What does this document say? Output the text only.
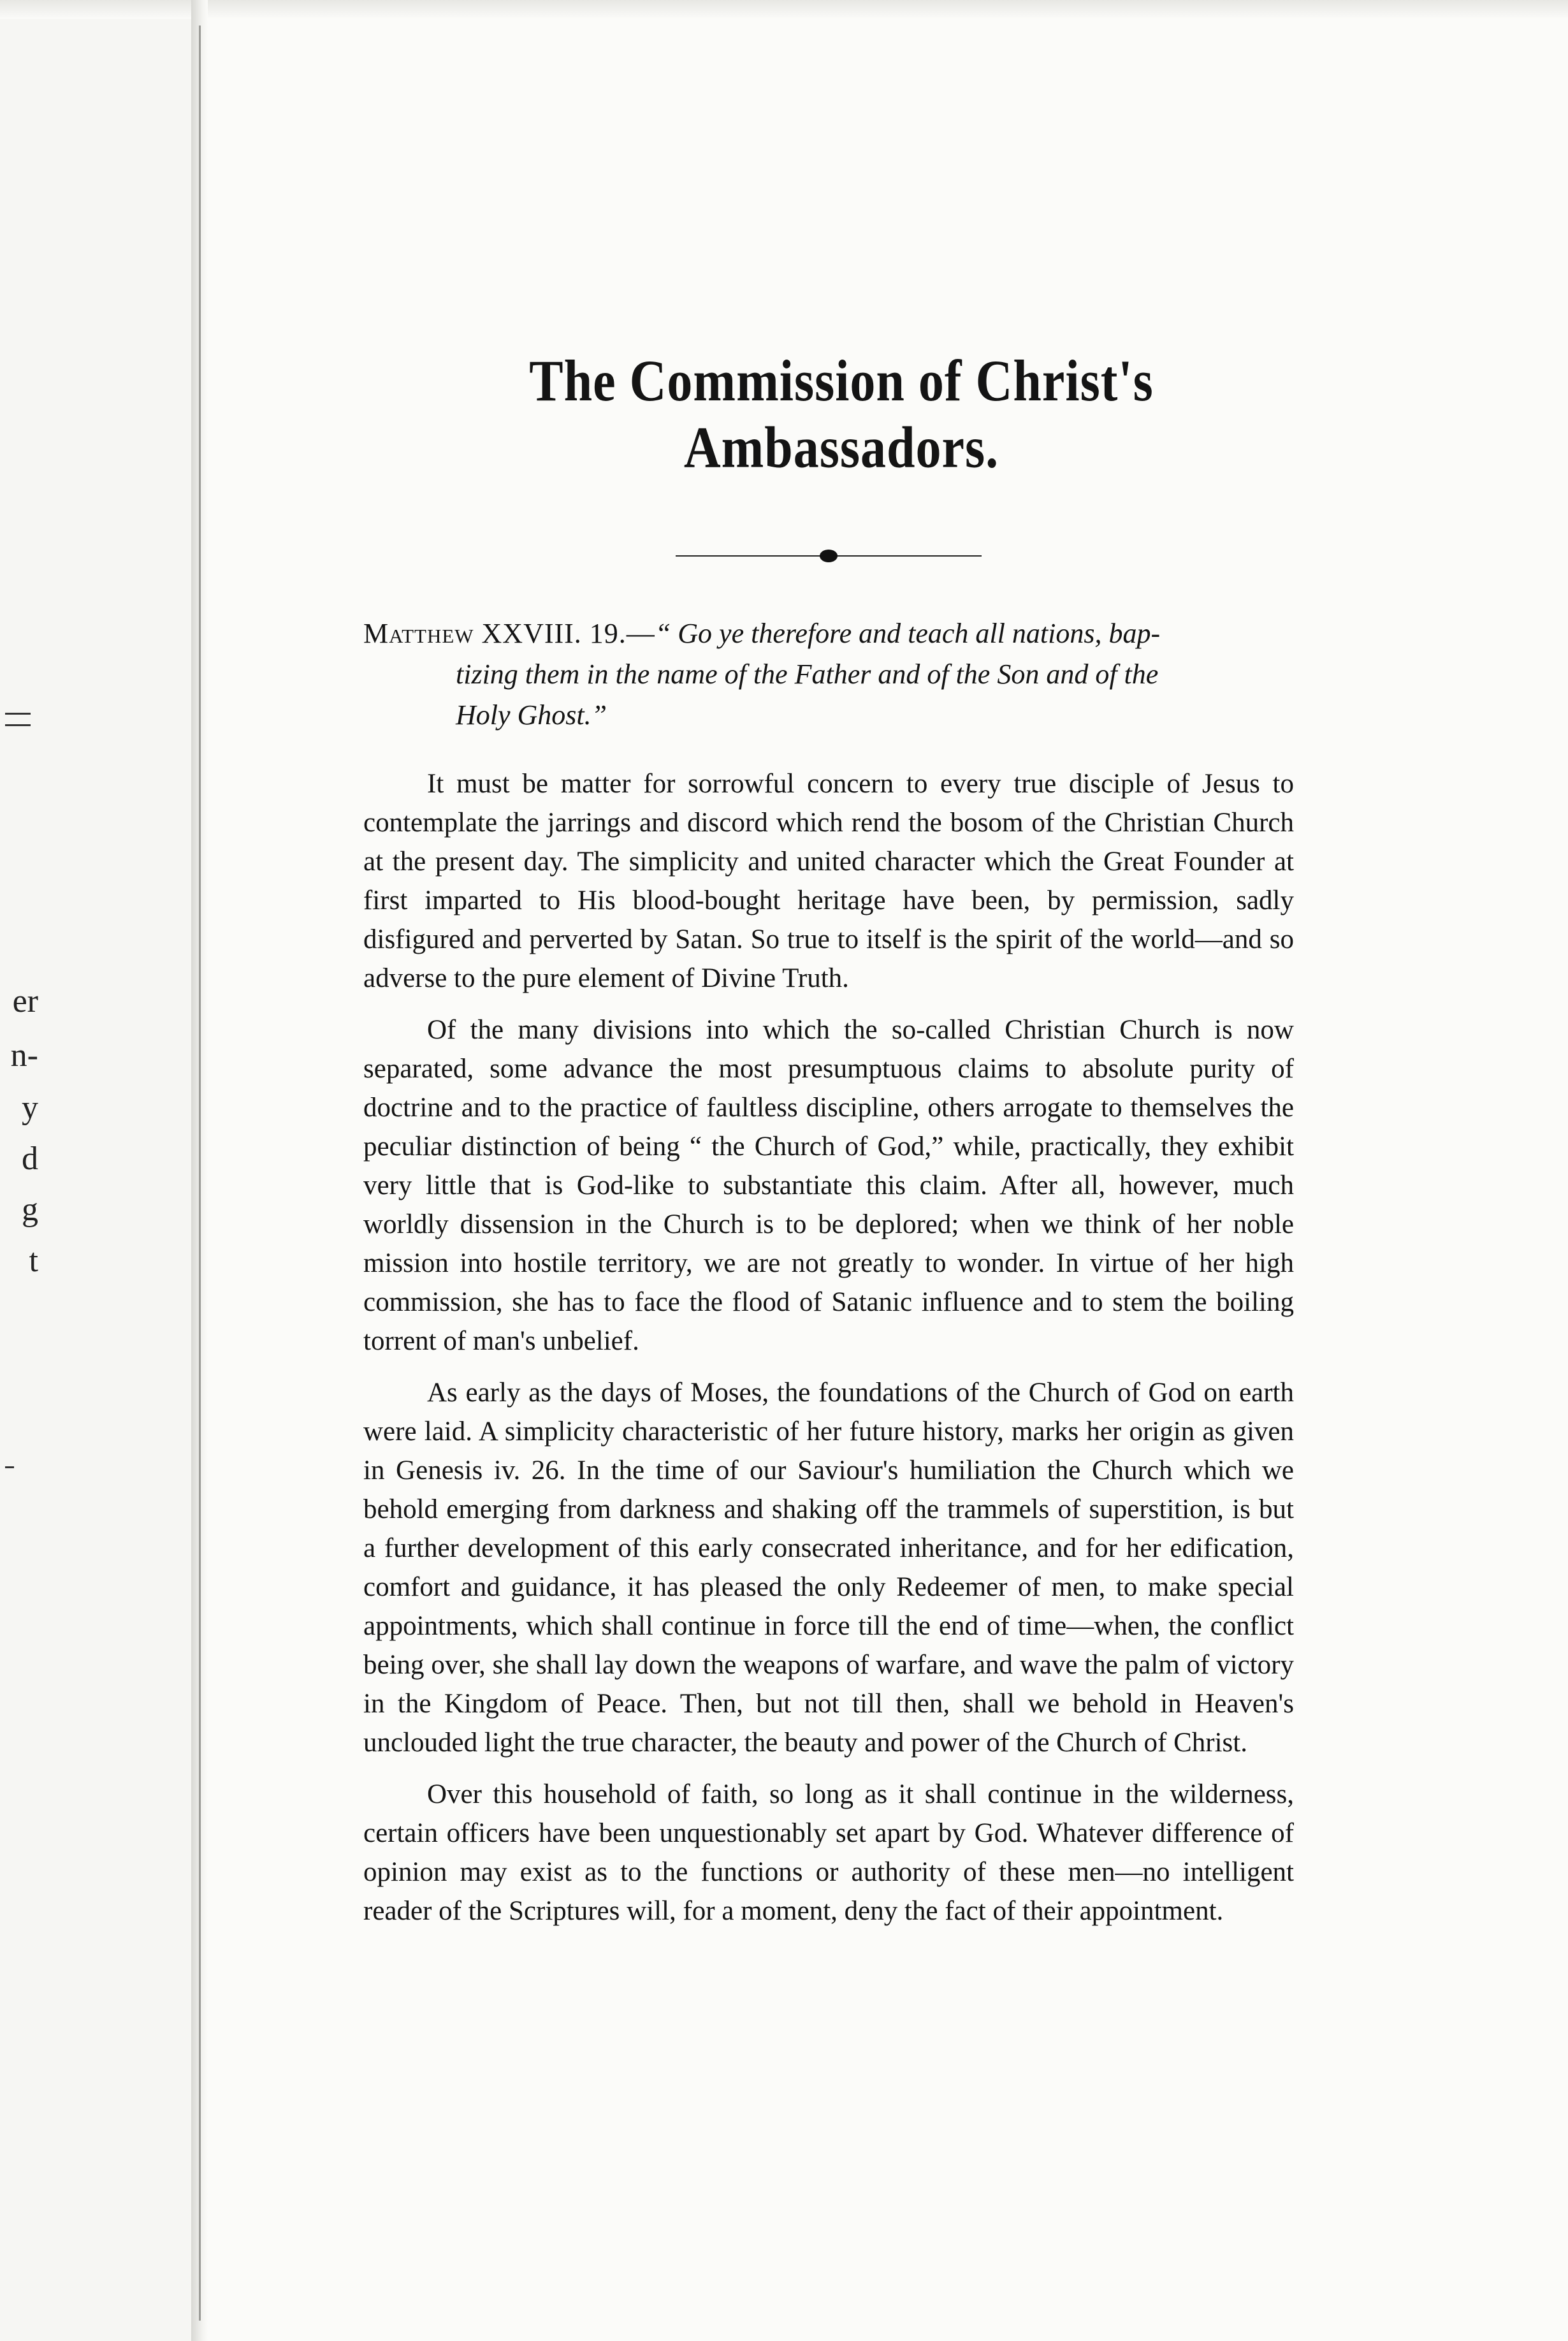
er
n-
y
d
g
t
The Commission of Christ's Ambassadors.
Matthew XXVIII. 19.—“ Go ye therefore and teach all nations, bap-
tizing them in the name of the Father and of the Son and of the
Holy Ghost.”

It must be matter for sorrowful concern to every true disciple of Jesus to contemplate the jarrings and discord which rend the bosom of the Christian Church at the present day. The simplicity and united character which the Great Founder at first imparted to His blood-bought heritage have been, by permission, sadly disfigured and perverted by Satan. So true to itself is the spirit of the world—and so adverse to the pure element of Divine Truth.

Of the many divisions into which the so-called Christian Church is now separated, some advance the most presumptuous claims to absolute purity of doctrine and to the practice of faultless discipline, others arrogate to themselves the peculiar distinction of being “ the Church of God,” while, practically, they exhibit very little that is God-like to substantiate this claim. After all, however, much worldly dissension in the Church is to be deplored; when we think of her noble mission into hostile territory, we are not greatly to wonder. In virtue of her high commission, she has to face the flood of Satanic influence and to stem the boiling torrent of man's unbelief.

As early as the days of Moses, the foundations of the Church of God on earth were laid. A simplicity characteristic of her future history, marks her origin as given in Genesis iv. 26. In the time of our Saviour's humiliation the Church which we behold emerging from darkness and shaking off the trammels of superstition, is but a further development of this early consecrated inheritance, and for her edification, comfort and guidance, it has pleased the only Redeemer of men, to make special appointments, which shall continue in force till the end of time—when, the conflict being over, she shall lay down the weapons of warfare, and wave the palm of victory in the Kingdom of Peace. Then, but not till then, shall we behold in Heaven's unclouded light the true character, the beauty and power of the Church of Christ.

Over this household of faith, so long as it shall continue in the wilderness, certain officers have been unquestionably set apart by God. Whatever difference of opinion may exist as to the functions or authority of these men—no intelligent reader of the Scriptures will, for a moment, deny the fact of their appointment.
